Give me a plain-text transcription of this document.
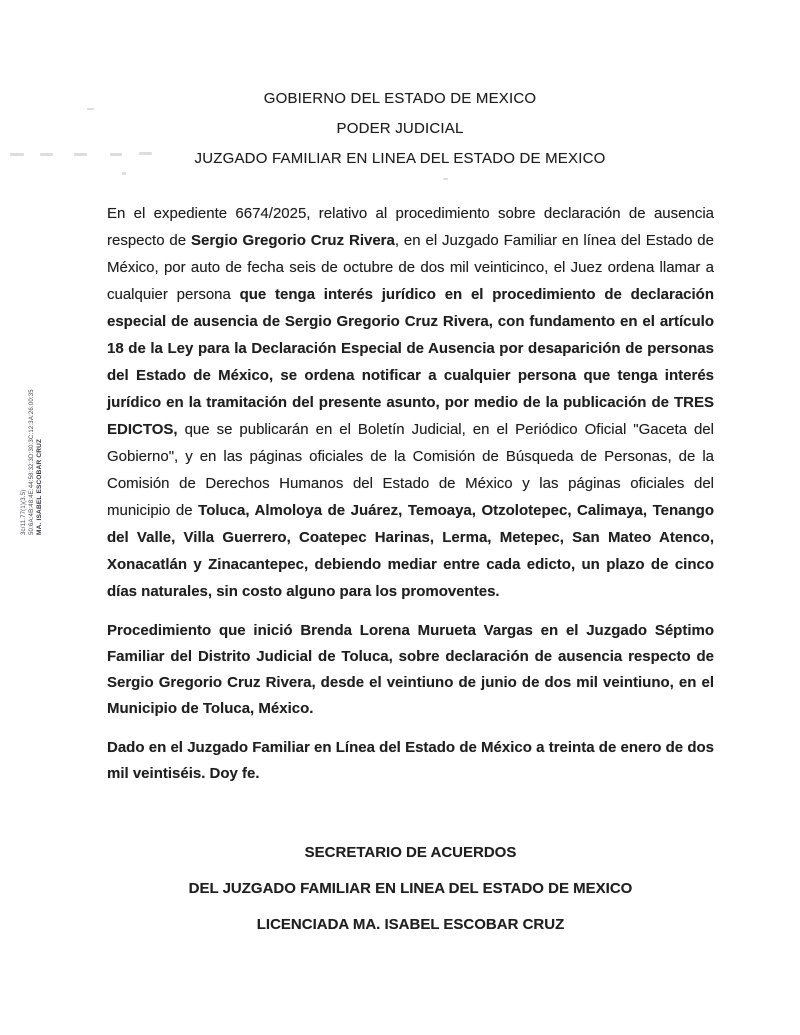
3c/11.77(1)(3.5) 50:6A:4B:48:4E:44:58:32:3D:30:3C:12:3A:26:00:35 MA. ISABEL ESCOBAR CRUZ
GOBIERNO DEL ESTADO DE MEXICO
PODER JUDICIAL
JUZGADO FAMILIAR EN LINEA DEL ESTADO DE MEXICO

En el expediente 6674/2025, relativo al procedimiento sobre declaración de ausencia respecto de Sergio Gregorio Cruz Rivera, en el Juzgado Familiar en línea del Estado de México, por auto de fecha seis de octubre de dos mil veinticinco, el Juez ordena llamar a cualquier persona que tenga interés jurídico en el procedimiento de declaración especial de ausencia de Sergio Gregorio Cruz Rivera, con fundamento en el artículo 18 de la Ley para la Declaración Especial de Ausencia por desaparición de personas del Estado de México, se ordena notificar a cualquier persona que tenga interés jurídico en la tramitación del presente asunto, por medio de la publicación de TRES EDICTOS, que se publicarán en el Boletín Judicial, en el Periódico Oficial "Gaceta del Gobierno", y en las páginas oficiales de la Comisión de Búsqueda de Personas, de la Comisión de Derechos Humanos del Estado de México y las páginas oficiales del municipio de Toluca, Almoloya de Juárez, Temoaya, Otzolotepec, Calimaya, Tenango del Valle, Villa Guerrero, Coatepec Harinas, Lerma, Metepec, San Mateo Atenco, Xonacatlán y Zinacantepec, debiendo mediar entre cada edicto, un plazo de cinco días naturales, sin costo alguno para los promoventes.

Procedimiento que inició Brenda Lorena Murueta Vargas en el Juzgado Séptimo Familiar del Distrito Judicial de Toluca, sobre declaración de ausencia respecto de Sergio Gregorio Cruz Rivera, desde el veintiuno de junio de dos mil veintiuno, en el Municipio de Toluca, México.

Dado en el Juzgado Familiar en Línea del Estado de México a treinta de enero de dos mil veintiséis. Doy fe.

SECRETARIO DE ACUERDOS
DEL JUZGADO FAMILIAR EN LINEA DEL ESTADO DE MEXICO
LICENCIADA MA. ISABEL ESCOBAR CRUZ
